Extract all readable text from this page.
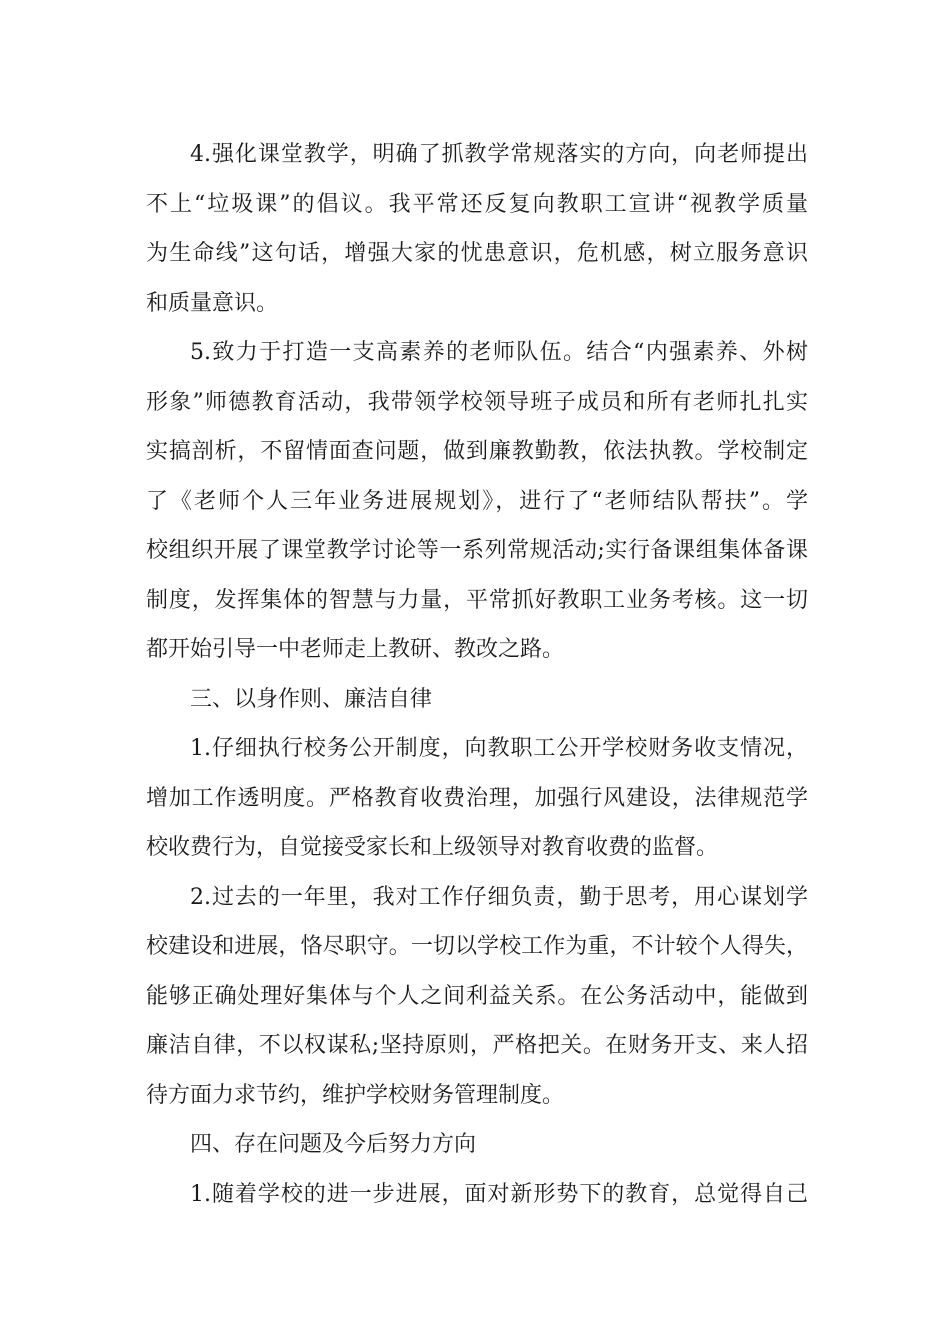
4.强化课堂教学，明确了抓教学常规落实的方向，向老师提出
不上“垃圾课”的倡议。我平常还反复向教职工宣讲“视教学质量
为生命线”这句话，增强大家的忧患意识，危机感，树立服务意识
和质量意识。
5.致力于打造一支高素养的老师队伍。结合“内强素养、外树
形象”师德教育活动，我带领学校领导班子成员和所有老师扎扎实
实搞剖析，不留情面查问题，做到廉教勤教，依法执教。学校制定
了《老师个人三年业务进展规划》，进行了“老师结队帮扶”。学
校组织开展了课堂教学讨论等一系列常规活动;实行备课组集体备课
制度，发挥集体的智慧与力量，平常抓好教职工业务考核。这一切
都开始引导一中老师走上教研、教改之路。
三、以身作则、廉洁自律
1.仔细执行校务公开制度，向教职工公开学校财务收支情况，
增加工作透明度。严格教育收费治理，加强行风建设，法律规范学
校收费行为，自觉接受家长和上级领导对教育收费的监督。
2.过去的一年里，我对工作仔细负责，勤于思考，用心谋划学
校建设和进展，恪尽职守。一切以学校工作为重，不计较个人得失，
能够正确处理好集体与个人之间利益关系。在公务活动中，能做到
廉洁自律，不以权谋私;坚持原则，严格把关。在财务开支、来人招
待方面力求节约，维护学校财务管理制度。
四、存在问题及今后努力方向
1.随着学校的进一步进展，面对新形势下的教育，总觉得自己
